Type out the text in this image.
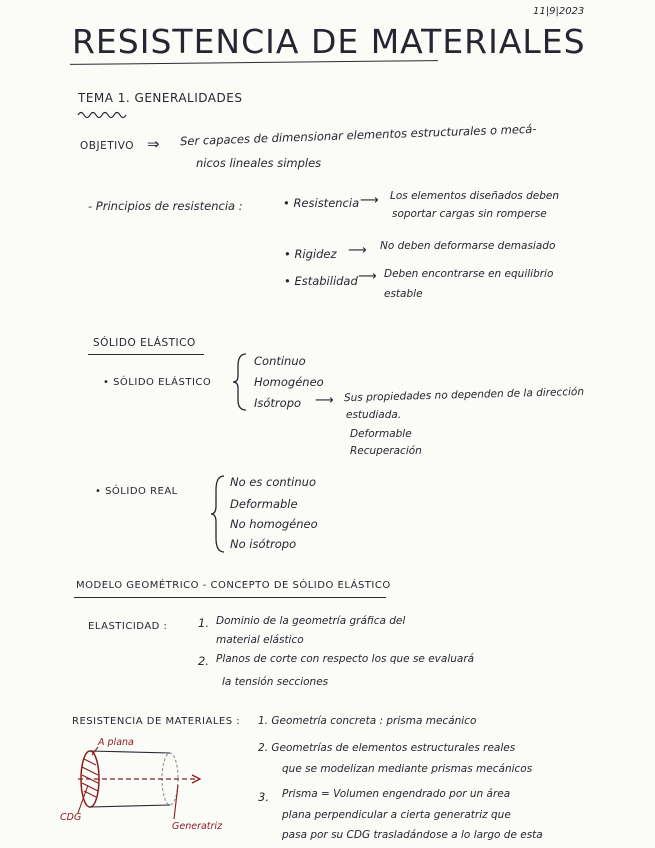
11|9|2023
RESISTENCIA DE MATERIALES
TEMA 1. GENERALIDADES
OBJETIVO ⇒ Ser capaces de dimensionar elementos estructurales o mecá-
nicos lineales simples
- Principios de resistencia :	• Resistencia ⟶ Los elementos diseñados deben
soportar cargas sin romperse
• Rigidez ⟶ No deben deformarse demasiado
• Estabilidad ⟶ Deben encontrarse en equilibrio
estable
SÓLIDO ELÁSTICO
• SÓLIDO ELÁSTICO
Continuo
Homogéneo
Isótropo ⟶ Sus propiedades no dependen de la dirección
estudiada.
Deformable
Recuperación
• SÓLIDO REAL
No es continuo
Deformable
No homogéneo
No isótropo
MODELO GEOMÉTRICO - CONCEPTO DE SÓLIDO ELÁSTICO
ELASTICIDAD :	1. Dominio de la geometría gráfica del
material elástico
2. Planos de corte con respecto los que se evaluará
la tensión secciones
RESISTENCIA DE MATERIALES : 1. Geometría concreta : prisma mecánico
2. Geometrías de elementos estructurales reales
que se modelizan mediante prismas mecánicos
3. Prisma = Volumen engendrado por un área
plana perpendicular a cierta generatriz que
pasa por su CDG trasladándose a lo largo de esta
A plana
CDG
Generatriz
